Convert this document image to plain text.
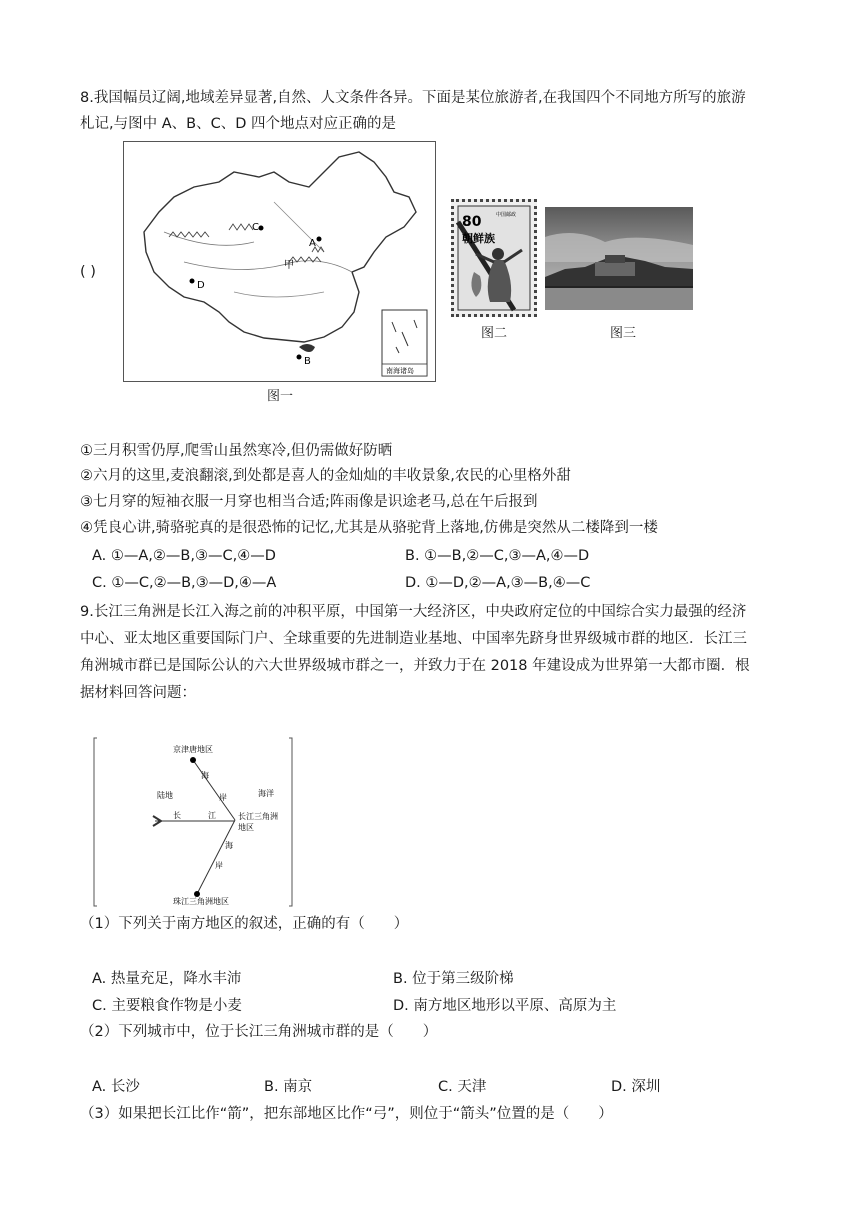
8.我国幅员辽阔,地域差异显著,自然、人文条件各异。下面是某位旅游者,在我国四个不同地方所写的旅游
札记,与图中 A、B、C、D 四个地点对应正确的是
( )
南海诸岛
C
A
D
B
甲
图一
80
朝鲜族
中国邮政
图二	图三
①三月积雪仍厚,爬雪山虽然寒冷,但仍需做好防晒
②六月的这里,麦浪翻滚,到处都是喜人的金灿灿的丰收景象,农民的心里格外甜
③七月穿的短袖衣服一月穿也相当合适;阵雨像是识途老马,总在午后报到
④凭良心讲,骑骆驼真的是很恐怖的记忆,尤其是从骆驼背上落地,仿佛是突然从二楼降到一楼
A. ①—A,②—B,③—C,④—D	B. ①—B,②—C,③—A,④—D
C. ①—C,②—B,③—D,④—A	D. ①—D,②—A,③—B,④—C
9.长江三角洲是长江入海之前的冲积平原，中国第一大经济区，中央政府定位的中国综合实力最强的经济
中心、亚太地区重要国际门户、全球重要的先进制造业基地、中国率先跻身世界级城市群的地区．长江三
角洲城市群已是国际公认的六大世界级城市群之一，并致力于在 2018 年建设成为世界第一大都市圈．根
据材料回答问题：
京津唐地区
珠江三角洲地区
长江三角洲
地区
陆地	海洋
长	江
海
岸
海
岸
（1）下列关于南方地区的叙述，正确的有（　　）
A. 热量充足，降水丰沛	B. 位于第三级阶梯
C. 主要粮食作物是小麦	D. 南方地区地形以平原、高原为主
（2）下列城市中，位于长江三角洲城市群的是（　　）
A. 长沙	B. 南京	C. 天津	D. 深圳
（3）如果把长江比作“箭”，把东部地区比作“弓”，则位于“箭头”位置的是（　　）
